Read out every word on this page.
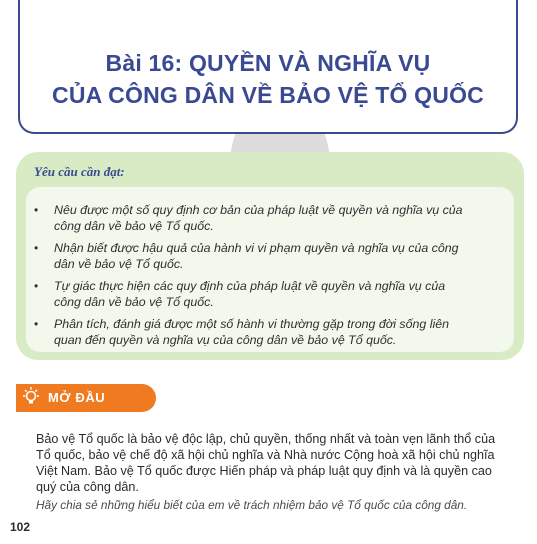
Bài 16: QUYỀN VÀ NGHĨA VỤ
CỦA CÔNG DÂN VỀ BẢO VỆ TỔ QUỐC
Yêu cầu cần đạt:
• Nêu được một số quy định cơ bản của pháp luật về quyền và nghĩa vụ của
công dân về bảo vệ Tổ quốc.
• Nhận biết được hậu quả của hành vi vi phạm quyền và nghĩa vụ của công
dân về bảo vệ Tổ quốc.
• Tự giác thực hiện các quy định của pháp luật về quyền và nghĩa vụ của
công dân về bảo vệ Tổ quốc.
• Phân tích, đánh giá được một số hành vi thường gặp trong đời sống liên
quan đến quyền và nghĩa vụ của công dân về bảo vệ Tổ quốc.
MỞ ĐẦU
Bảo vệ Tổ quốc là bảo vệ độc lập, chủ quyền, thống nhất và toàn vẹn lãnh thổ của
Tổ quốc, bảo vệ chế độ xã hội chủ nghĩa và Nhà nước Cộng hoà xã hội chủ nghĩa
Việt Nam. Bảo vệ Tổ quốc được Hiến pháp và pháp luật quy định và là quyền cao
quý của công dân.
Hãy chia sẻ những hiểu biết của em về trách nhiệm bảo vệ Tổ quốc của công dân.
102
